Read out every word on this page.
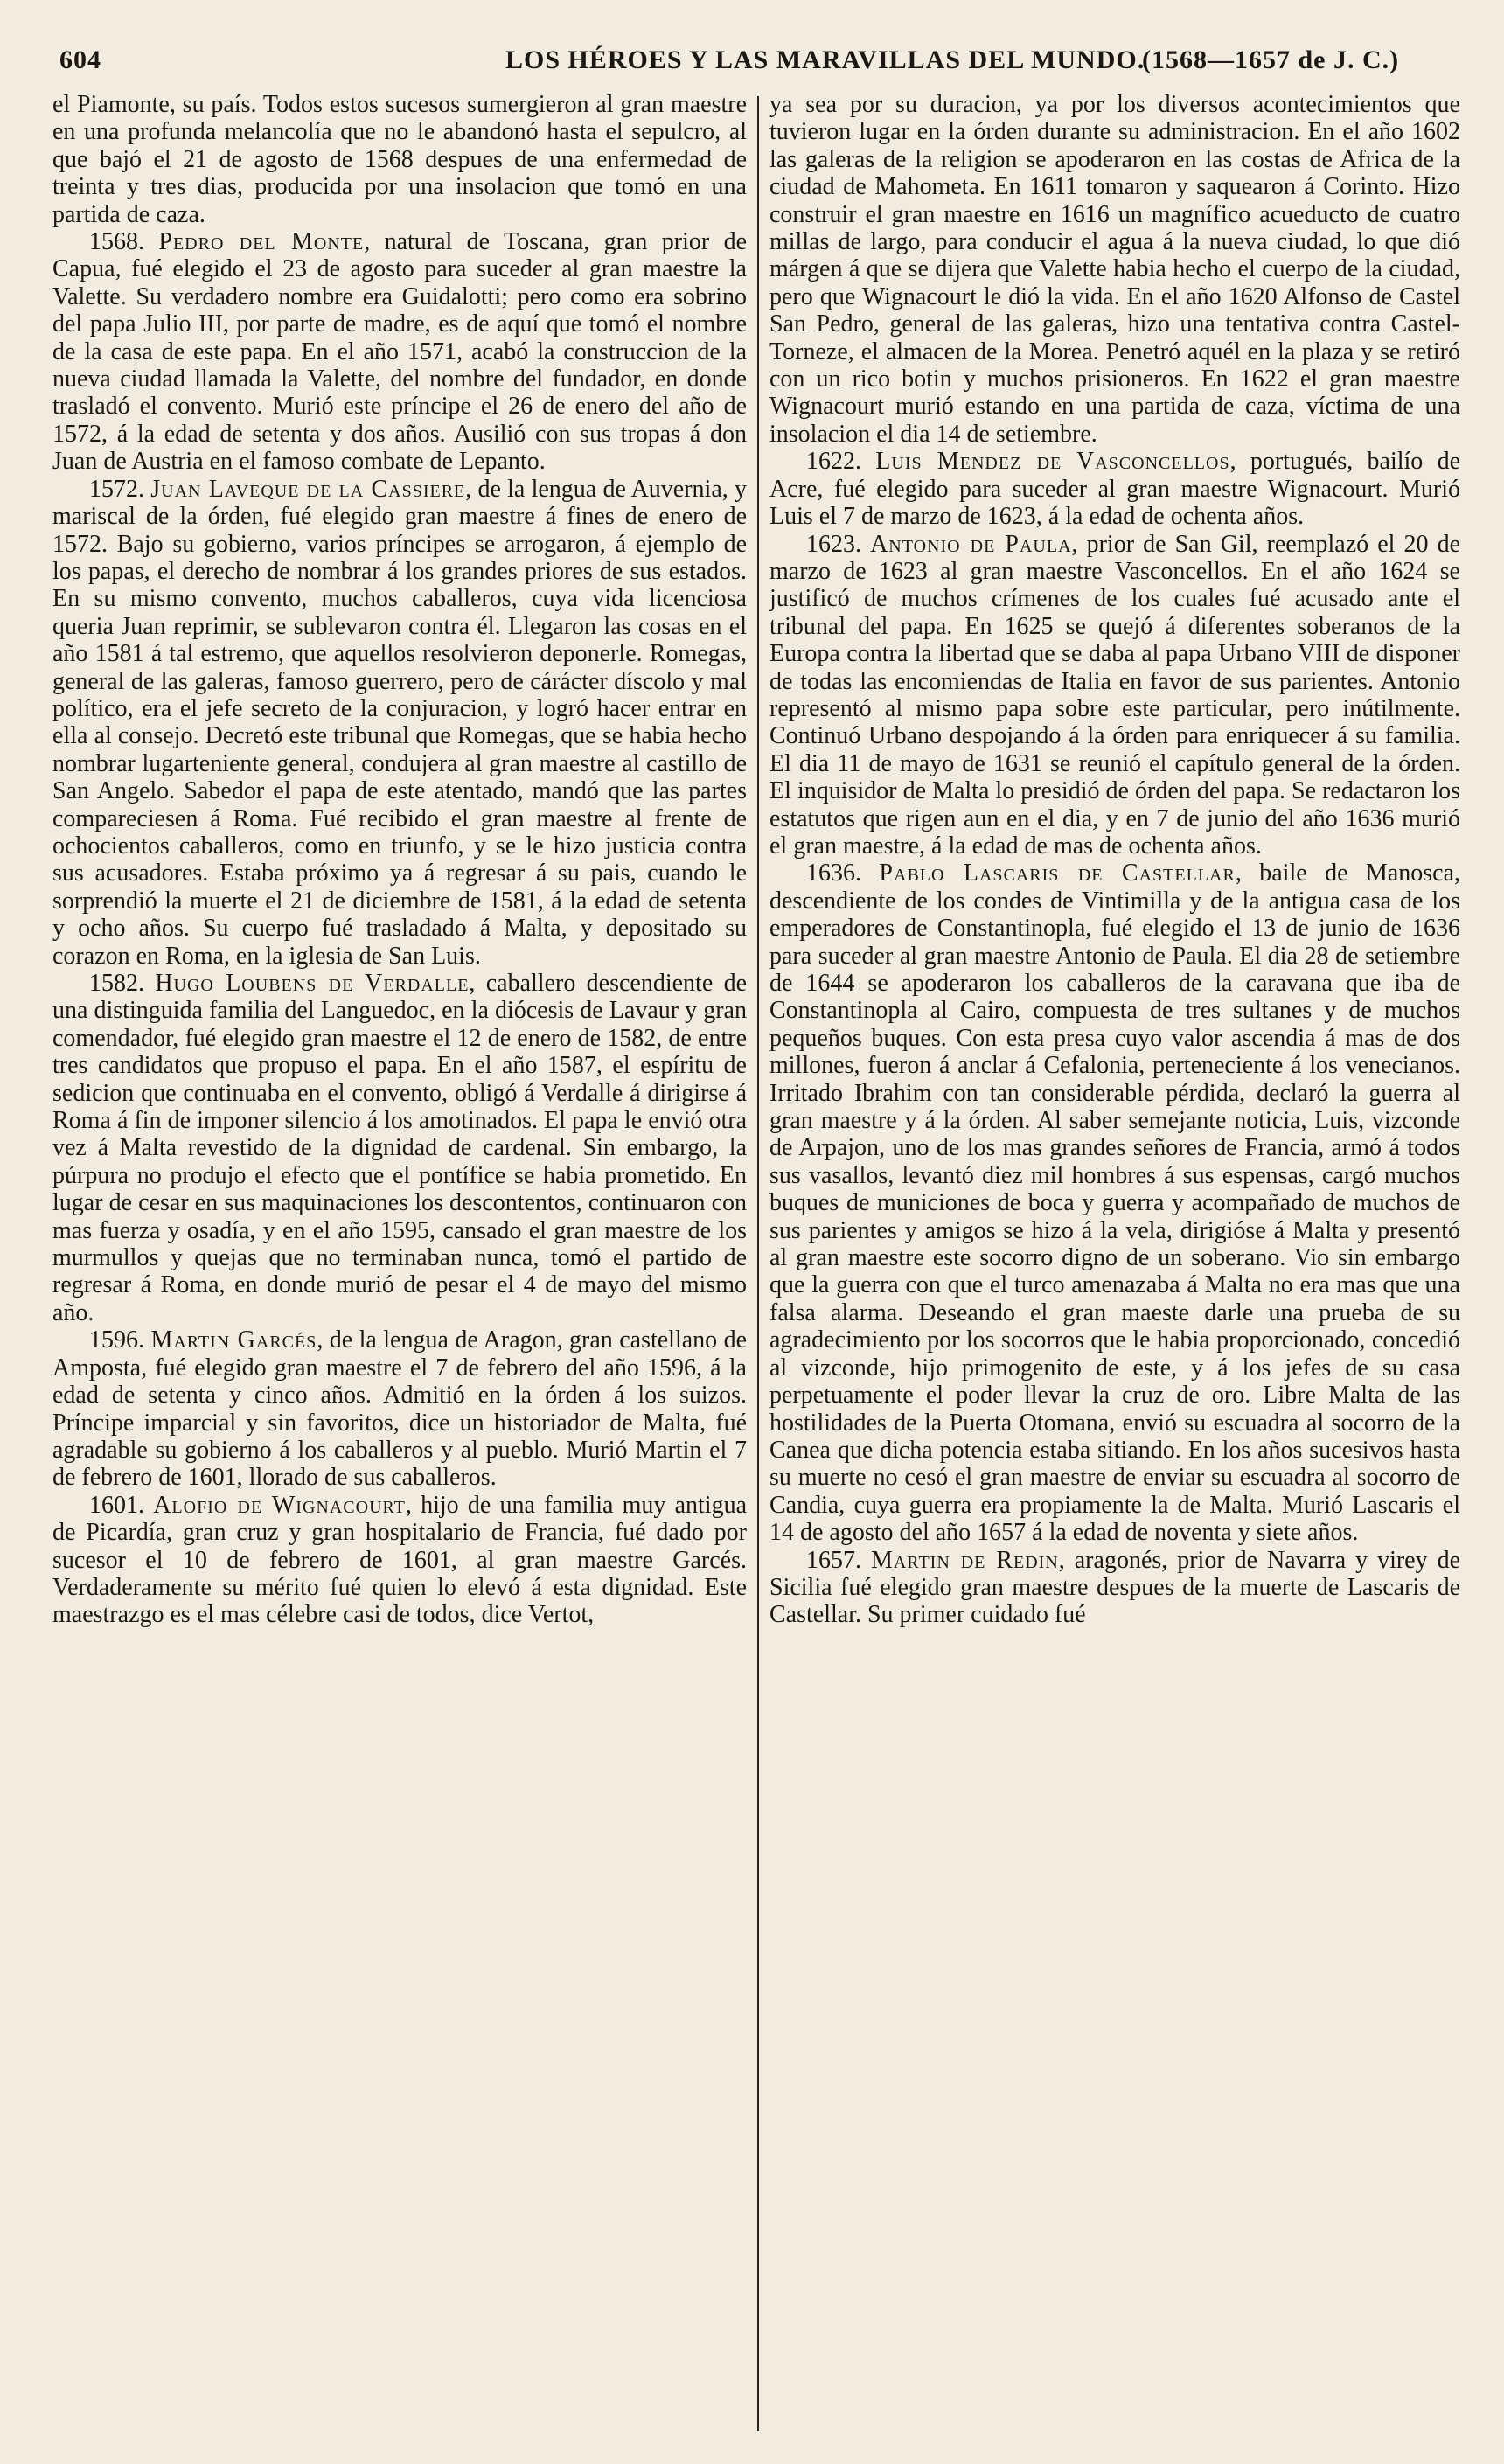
604	LOS HÉROES Y LAS MARAVILLAS DEL MUNDO.
(1568—1657 de J. C.)

el Piamonte, su país. Todos estos sucesos sumergieron al gran maestre en una profunda melancolía que no le abandonó hasta el sepulcro, al que bajó el 21 de agosto de 1568 despues de una enfermedad de treinta y tres dias, producida por una insolacion que tomó en una partida de caza.

1568. Pedro del Monte, natural de Toscana, gran prior de Capua, fué elegido el 23 de agosto para suceder al gran maestre la Valette. Su verdadero nombre era Guidalotti; pero como era sobrino del papa Julio III, por parte de madre, es de aquí que tomó el nombre de la casa de este papa. En el año 1571, acabó la construccion de la nueva ciudad llamada la Valette, del nombre del fundador, en donde trasladó el convento. Murió este príncipe el 26 de enero del año de 1572, á la edad de setenta y dos años. Ausilió con sus tropas á don Juan de Austria en el famoso combate de Lepanto.

1572. Juan Laveque de la Cassiere, de la lengua de Auvernia, y mariscal de la órden, fué elegido gran maestre á fines de enero de 1572. Bajo su gobierno, varios príncipes se arrogaron, á ejemplo de los papas, el derecho de nombrar á los grandes priores de sus estados. En su mismo convento, muchos caballeros, cuya vida licenciosa queria Juan reprimir, se sublevaron contra él. Llegaron las cosas en el año 1581 á tal estremo, que aquellos resolvieron deponerle. Romegas, general de las galeras, famoso guerrero, pero de cárácter díscolo y mal político, era el jefe secreto de la conjuracion, y logró hacer entrar en ella al consejo. Decretó este tribunal que Romegas, que se habia hecho nombrar lugarteniente general, condujera al gran maestre al castillo de San Angelo. Sabedor el papa de este atentado, mandó que las partes compareciesen á Roma. Fué recibido el gran maestre al frente de ochocientos caballeros, como en triunfo, y se le hizo justicia contra sus acusadores. Estaba próximo ya á regresar á su pais, cuando le sorprendió la muerte el 21 de diciembre de 1581, á la edad de setenta y ocho años. Su cuerpo fué trasladado á Malta, y depositado su corazon en Roma, en la iglesia de San Luis.

1582. Hugo Loubens de Verdalle, caballero descendiente de una distinguida familia del Languedoc, en la diócesis de Lavaur y gran comendador, fué elegido gran maestre el 12 de enero de 1582, de entre tres candidatos que propuso el papa. En el año 1587, el espíritu de sedicion que continuaba en el convento, obligó á Verdalle á dirigirse á Roma á fin de imponer silencio á los amotinados. El papa le envió otra vez á Malta revestido de la dignidad de cardenal. Sin embargo, la púrpura no produjo el efecto que el pontífice se habia prometido. En lugar de cesar en sus maquinaciones los descontentos, continuaron con mas fuerza y osadía, y en el año 1595, cansado el gran maestre de los murmullos y quejas que no terminaban nunca, tomó el partido de regresar á Roma, en donde murió de pesar el 4 de mayo del mismo año.

1596. Martin Garcés, de la lengua de Aragon, gran castellano de Amposta, fué elegido gran maestre el 7 de febrero del año 1596, á la edad de setenta y cinco años. Admitió en la órden á los suizos. Príncipe imparcial y sin favoritos, dice un historiador de Malta, fué agradable su gobierno á los caballeros y al pueblo. Murió Martin el 7 de febrero de 1601, llorado de sus caballeros.

1601. Alofio de Wignacourt, hijo de una familia muy antigua de Picardía, gran cruz y gran hospitalario de Francia, fué dado por sucesor el 10 de febrero de 1601, al gran maestre Garcés. Verdaderamente su mérito fué quien lo elevó á esta dignidad. Este maestrazgo es el mas célebre casi de todos, dice Vertot,

ya sea por su duracion, ya por los diversos acontecimientos que tuvieron lugar en la órden durante su administracion. En el año 1602 las galeras de la religion se apoderaron en las costas de Africa de la ciudad de Mahometa. En 1611 tomaron y saquearon á Corinto. Hizo construir el gran maestre en 1616 un magnífico acueducto de cuatro millas de largo, para conducir el agua á la nueva ciudad, lo que dió márgen á que se dijera que Valette habia hecho el cuerpo de la ciudad, pero que Wignacourt le dió la vida. En el año 1620 Alfonso de Castel San Pedro, general de las galeras, hizo una tentativa contra Castel-Torneze, el almacen de la Morea. Penetró aquél en la plaza y se retiró con un rico botin y muchos prisioneros. En 1622 el gran maestre Wignacourt murió estando en una partida de caza, víctima de una insolacion el dia 14 de setiembre.

1622. Luis Mendez de Vasconcellos, portugués, bailío de Acre, fué elegido para suceder al gran maestre Wignacourt. Murió Luis el 7 de marzo de 1623, á la edad de ochenta años.

1623. Antonio de Paula, prior de San Gil, reemplazó el 20 de marzo de 1623 al gran maestre Vasconcellos. En el año 1624 se justificó de muchos crímenes de los cuales fué acusado ante el tribunal del papa. En 1625 se quejó á diferentes soberanos de la Europa contra la libertad que se daba al papa Urbano VIII de disponer de todas las encomiendas de Italia en favor de sus parientes. Antonio representó al mismo papa sobre este particular, pero inútilmente. Continuó Urbano despojando á la órden para enriquecer á su familia. El dia 11 de mayo de 1631 se reunió el capítulo general de la órden. El inquisidor de Malta lo presidió de órden del papa. Se redactaron los estatutos que rigen aun en el dia, y en 7 de junio del año 1636 murió el gran maestre, á la edad de mas de ochenta años.

1636. Pablo Lascaris de Castellar, baile de Manosca, descendiente de los condes de Vintimilla y de la antigua casa de los emperadores de Constantinopla, fué elegido el 13 de junio de 1636 para suceder al gran maestre Antonio de Paula. El dia 28 de setiembre de 1644 se apoderaron los caballeros de la caravana que iba de Constantinopla al Cairo, compuesta de tres sultanes y de muchos pequeños buques. Con esta presa cuyo valor ascendia á mas de dos millones, fueron á anclar á Cefalonia, perteneciente á los venecianos. Irritado Ibrahim con tan considerable pérdida, declaró la guerra al gran maestre y á la órden. Al saber semejante noticia, Luis, vizconde de Arpajon, uno de los mas grandes señores de Francia, armó á todos sus vasallos, levantó diez mil hombres á sus espensas, cargó muchos buques de municiones de boca y guerra y acompañado de muchos de sus parientes y amigos se hizo á la vela, dirigióse á Malta y presentó al gran maestre este socorro digno de un soberano. Vio sin embargo que la guerra con que el turco amenazaba á Malta no era mas que una falsa alarma. Deseando el gran maeste darle una prueba de su agradecimiento por los socorros que le habia proporcionado, concedió al vizconde, hijo primogenito de este, y á los jefes de su casa perpetuamente el poder llevar la cruz de oro. Libre Malta de las hostilidades de la Puerta Otomana, envió su escuadra al socorro de la Canea que dicha potencia estaba sitiando. En los años sucesivos hasta su muerte no cesó el gran maestre de enviar su escuadra al socorro de Candia, cuya guerra era propiamente la de Malta. Murió Lascaris el 14 de agosto del año 1657 á la edad de noventa y siete años.

1657. Martin de Redin, aragonés, prior de Navarra y virey de Sicilia fué elegido gran maestre despues de la muerte de Lascaris de Castellar. Su primer cuidado fué
